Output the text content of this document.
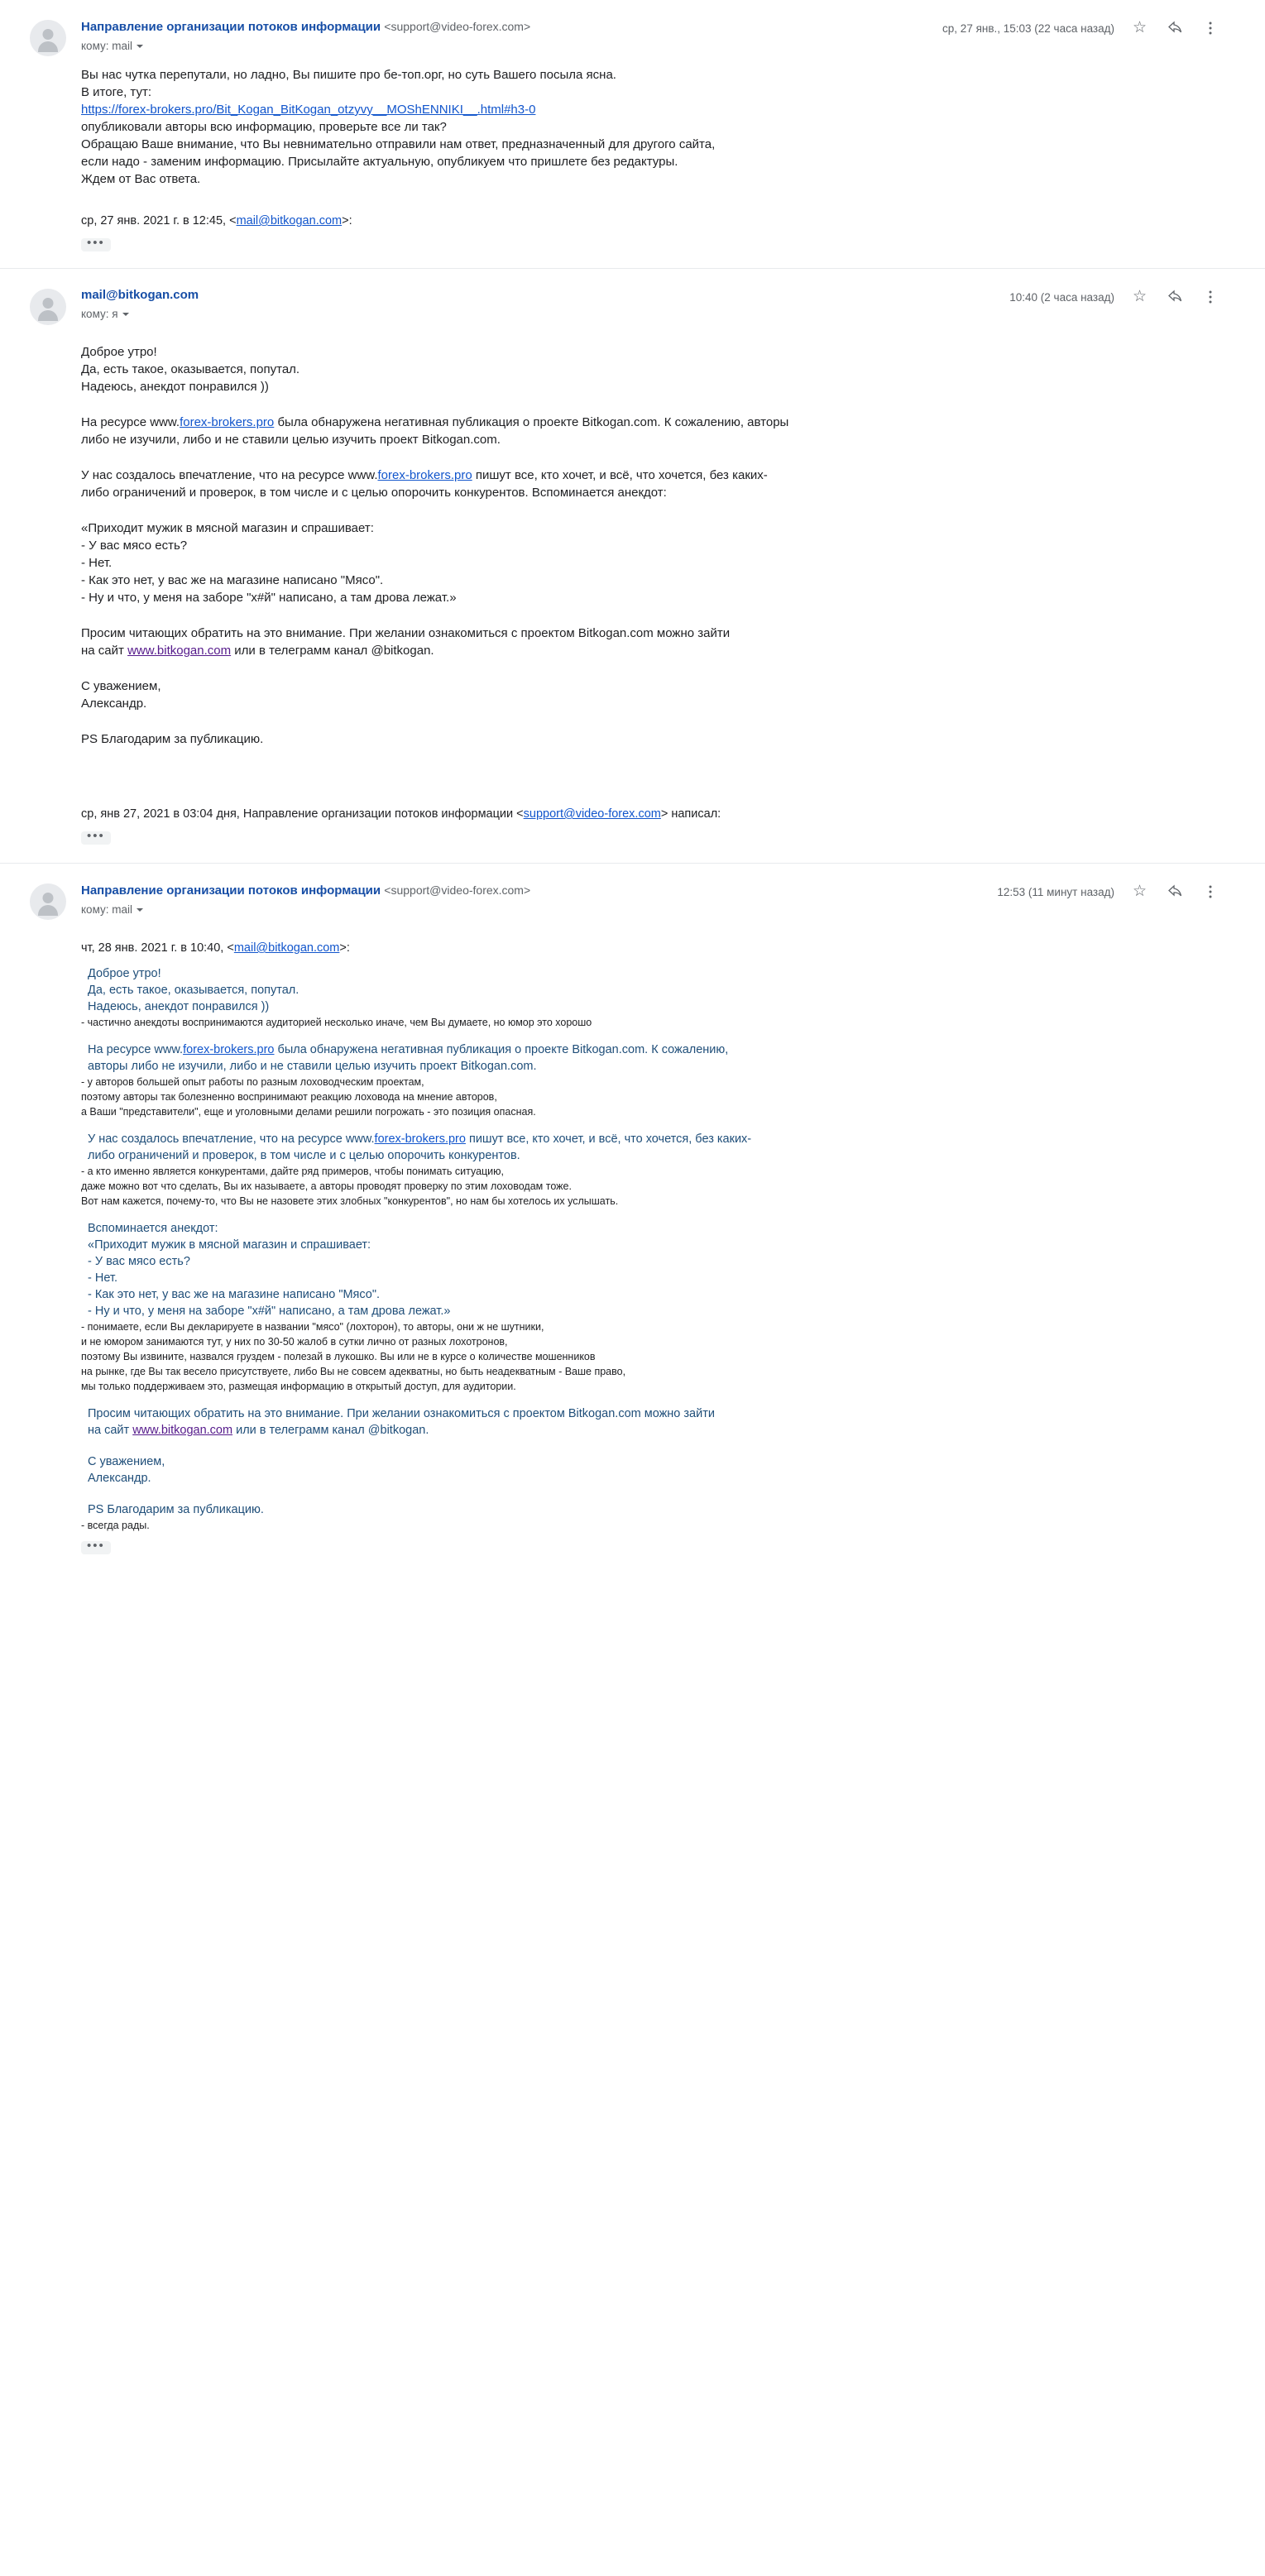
Направление организации потоков информации <support@video-forex.com>
кому: mail
ср, 27 янв., 15:03 (22 часа назад) ☆

Вы нас чутка перепутали, но ладно, Вы пишите про бе-топ.орг, но суть Вашего посыла ясна.

В итоге, тут:

https://forex-brokers.pro/Bit_Kogan_BitKogan_otzyvy__MOShENNIKI__.html#h3-0

опубликовали авторы всю информацию, проверьте все ли так?

Обращаю Ваше внимание, что Вы невнимательно отправили нам ответ, предназначенный для другого сайта,

если надо - заменим информацию. Присылайте актуальную, опубликуем что пришлете без редактуры.

Ждем от Вас ответа.

ср, 27 янв. 2021 г. в 12:45, <mail@bitkogan.com>:
•••
mail@bitkogan.com
кому: я
10:40 (2 часа назад) ☆

Доброе утро!

Да, есть такое, оказывается, попутал.

Надеюсь, анекдот понравился ))

На ресурсе www.forex-brokers.pro была обнаружена негативная публикация о проекте Bitkogan.com. К сожалению, авторы

либо не изучили, либо и не ставили целью изучить проект Bitkogan.com.

У нас создалось впечатление, что на ресурсе www.forex-brokers.pro пишут все, кто хочет, и всё, что хочется, без каких-

либо ограничений и проверок, в том числе и с целью опорочить конкурентов. Вспоминается анекдот:

«Приходит мужик в мясной магазин и спрашивает:

- У вас мясо есть?

- Нет.

- Как это нет, у вас же на магазине написано "Мясо".

- Ну и что, у меня на заборе "х#й" написано, а там дрова лежат.»

Просим читающих обратить на это внимание. При желании ознакомиться с проектом Bitkogan.com можно зайти

на сайт www.bitkogan.com или в телеграмм канал @bitkogan.

С уважением,

Александр.

PS Благодарим за публикацию.

ср, янв 27, 2021 в 03:04 дня, Направление организации потоков информации <support@video-forex.com> написал:
•••
Направление организации потоков информации <support@video-forex.com>
кому: mail
12:53 (11 минут назад) ☆
чт, 28 янв. 2021 г. в 10:40, <mail@bitkogan.com>:

Доброе утро!

Да, есть такое, оказывается, попутал.

Надеюсь, анекдот понравился ))

- частично анекдоты воспринимаются аудиторией несколько иначе, чем Вы думаете, но юмор это хорошо

На ресурсе www.forex-brokers.pro была обнаружена негативная публикация о проекте Bitkogan.com. К сожалению,

авторы либо не изучили, либо и не ставили целью изучить проект Bitkogan.com.

- у авторов большей опыт работы по разным лоховодческим проектам,

поэтому авторы так болезненно воспринимают реакцию лоховода на мнение авторов,

а Ваши "представители", еще и уголовными делами решили погрожать - это позиция опасная.

У нас создалось впечатление, что на ресурсе www.forex-brokers.pro пишут все, кто хочет, и всё, что хочется, без каких-

либо ограничений и проверок, в том числе и с целью опорочить конкурентов.

- а кто именно является конкурентами, дайте ряд примеров, чтобы понимать ситуацию,

даже можно вот что сделать, Вы их называете, а авторы проводят проверку по этим лоховодам тоже.

Вот нам кажется, почему-то, что Вы не назовете этих злобных "конкурентов", но нам бы хотелось их услышать.

Вспоминается анекдот:

«Приходит мужик в мясной магазин и спрашивает:

- У вас мясо есть?

- Нет.

- Как это нет, у вас же на магазине написано "Мясо".

- Ну и что, у меня на заборе "х#й" написано, а там дрова лежат.»

- понимаете, если Вы декларируете в названии "мясо" (лохторон), то авторы, они ж не шутники,

и не юмором занимаются тут, у них по 30-50 жалоб в сутки лично от разных лохотронов,

поэтому Вы извините, назвался груздем - полезай в лукошко. Вы или не в курсе о количестве мошенников

на рынке, где Вы так весело присутствуете, либо Вы не совсем адекватны, но быть неадекватным - Ваше право,

мы только поддерживаем это, размещая информацию в открытый доступ, для аудитории.

Просим читающих обратить на это внимание. При желании ознакомиться с проектом Bitkogan.com можно зайти

на сайт www.bitkogan.com или в телеграмм канал @bitkogan.

С уважением,

Александр.

PS Благодарим за публикацию.

- всегда рады.

•••
